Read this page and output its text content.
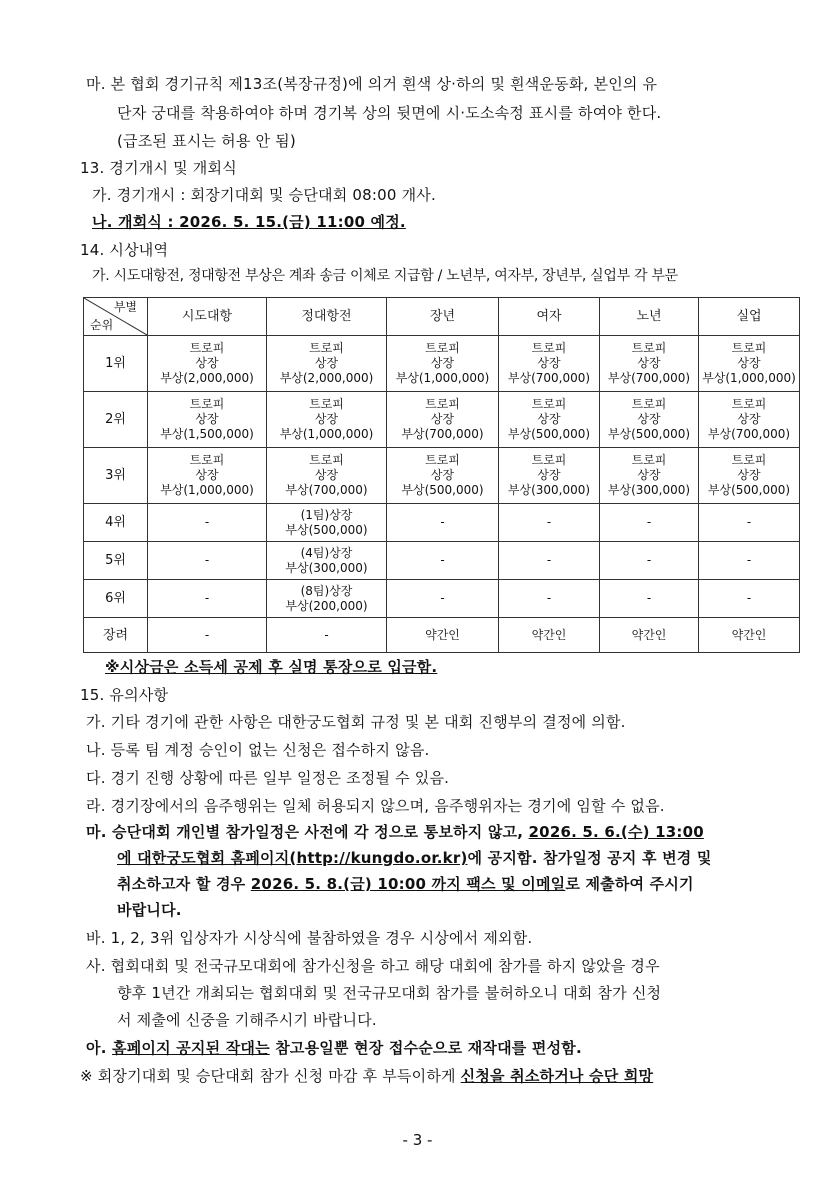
마. 본 협회 경기규칙 제13조(복장규정)에 의거 흰색 상·하의 및 흰색운동화, 본인의 유
단자 궁대를 착용하여야 하며 경기복 상의 뒷면에 시·도소속정 표시를 하여야 한다.
(급조된 표시는 허용 안 됨)
13. 경기개시 및 개회식
가. 경기개시 : 회장기대회 및 승단대회 08:00 개사.
나. 개회식 : 2026. 5. 15.(금) 11:00 예정.
14. 시상내역
가. 시도대항전, 정대항전 부상은 계좌 송금 이체로 지급함 / 노년부, 여자부, 장년부, 실업부 각 부문
부별
순위	시도대항	정대항전	장년	여자	노년	실업
1위	트로피
상장
부상(2,000,000)	트로피
상장
부상(2,000,000)	트로피
상장
부상(1,000,000)	트로피
상장
부상(700,000)	트로피
상장
부상(700,000)	트로피
상장
부상(1,000,000)

2위	트로피
상장
부상(1,500,000)	트로피
상장
부상(1,000,000)	트로피
상장
부상(700,000)	트로피
상장
부상(500,000)	트로피
상장
부상(500,000)	트로피
상장
부상(700,000)

3위	트로피
상장
부상(1,000,000)	트로피
상장
부상(700,000)	트로피
상장
부상(500,000)	트로피
상장
부상(300,000)	트로피
상장
부상(300,000)	트로피
상장
부상(500,000)

4위	-	(1팀)상장
부상(500,000)	-	-	-	-

5위	-	(4팀)상장
부상(300,000)	-	-	-	-

6위	-	(8팀)상장
부상(200,000)	-	-	-	-

장려	-	-	약간인	약간인	약간인	약간인
※시상금은 소득세 공제 후 실명 통장으로 입금함.
15. 유의사항
가. 기타 경기에 관한 사항은 대한궁도협회 규정 및 본 대회 진행부의 결정에 의함.
나. 등록 팀 계정 승인이 없는 신청은 접수하지 않음.
다. 경기 진행 상황에 따른 일부 일정은 조정될 수 있음.
라. 경기장에서의 음주행위는 일체 허용되지 않으며, 음주행위자는 경기에 임할 수 없음.
마. 승단대회 개인별 참가일정은 사전에 각 정으로 통보하지 않고, 2026. 5. 6.(수) 13:00
에 대한궁도협회 홈페이지(http://kungdo.or.kr)에 공지함. 참가일정 공지 후 변경 및
취소하고자 할 경우 2026. 5. 8.(금) 10:00 까지 팩스 및 이메일로 제출하여 주시기
바랍니다.
바. 1, 2, 3위 입상자가 시상식에 불참하였을 경우 시상에서 제외함.
사. 협회대회 및 전국규모대회에 참가신청을 하고 해당 대회에 참가를 하지 않았을 경우
향후 1년간 개최되는 협회대회 및 전국규모대회 참가를 불허하오니 대회 참가 신청
서 제출에 신중을 기해주시기 바랍니다.
아. 홈페이지 공지된 작대는 참고용일뿐 현장 접수순으로 재작대를 편성함.
※ 회장기대회 및 승단대회 참가 신청 마감 후 부득이하게 신청을 취소하거나 승단 희망
- 3 -
